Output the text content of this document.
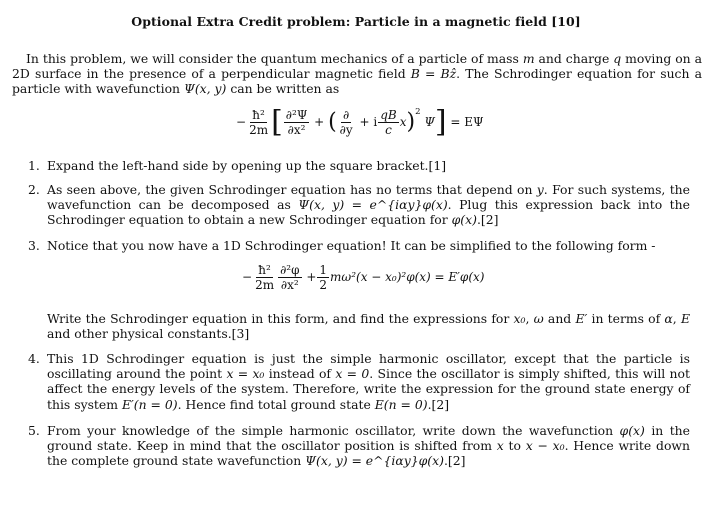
Optional Extra Credit problem: Particle in a magnetic field [10]
In this problem, we will consider the quantum mechanics of a particle of mass m and charge q moving on a 2D surface in the presence of a perpendicular magnetic field B = Bẑ. The Schrodinger equation for such a particle with wavefunction Ψ(x, y) can be written as
− $\frac{\text{ħ²}}{2m}$ [ $\frac{\text{∂²Ψ}}{\text{∂x²}}$ + ( $\frac{\partial}{\partial y} + i \frac{qB}{c} x)^2$ Ψ] = EΨ
1. Expand the left-hand side by opening up the square bracket.[1]
2. As seen above, the given Schrodinger equation has no terms that depend on y. For such systems, the wavefunction can be decomposed as Ψ(x, y) = e^{iαy}φ(x). Plug this expression back into the Schrodinger equation to obtain a new Schrodinger equation for φ(x).[2]
3. Notice that you now have a 1D Schrodinger equation! It can be simplified to the following form -
− $\frac{\text{ħ²}}{2m} \frac{\text{∂²φ}}{\text{∂x²}} + \frac{1}{2} m\omega^2(x - x_0)^2\varphi(x) = E'\varphi(x)$
Write the Schrodinger equation in this form, and find the expressions for x₀, ω and E′ in terms of α, E and other physical constants.[3]
4. This 1D Schrodinger equation is just the simple harmonic oscillator, except that the particle is oscillating around the point x = x₀ instead of x = 0. Since the oscillator is simply shifted, this will not affect the energy levels of the system. Therefore, write the expression for the ground state energy of this system E′(n = 0). Hence find total ground state E(n = 0).[2]
5. From your knowledge of the simple harmonic oscillator, write down the wavefunction φ(x) in the ground state. Keep in mind that the oscillator position is shifted from x to x − x₀. Hence write down the complete ground state wavefunction Ψ(x, y) = e^{iαy}φ(x).[2]
